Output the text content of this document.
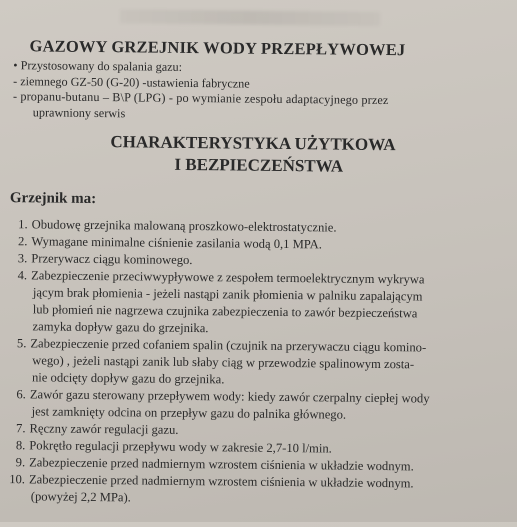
GAZOWY GRZEJNIK WODY PRZEPŁYWOWEJ
• Przystosowany do spalania gazu:
- ziemnego GZ-50 (G-20) -ustawienia fabryczne
- propanu-butanu – B\P (LPG) - po wymianie zespołu adaptacyjnego przez
uprawniony serwis
CHARAKTERYSTYKA UŻYTKOWA
I BEZPIECZEŃSTWA
Grzejnik ma:
1. Obudowę grzejnika malowaną proszkowo-elektrostatycznie.
2. Wymagane minimalne ciśnienie zasilania wodą 0,1 MPA.
3. Przerywacz ciągu kominowego.
4. Zabezpieczenie przeciwwypływowe z zespołem termoelektrycznym wykrywa
jącym brak płomienia - jeżeli nastąpi zanik płomienia w palniku zapalającym
lub płomień nie nagrzewa czujnika zabezpieczenia to zawór bezpieczeństwa
zamyka dopływ gazu do grzejnika.
5. Zabezpieczenie przed cofaniem spalin (czujnik na przerywaczu ciągu komino-
wego) , jeżeli nastąpi zanik lub słaby ciąg w przewodzie spalinowym zosta-
nie odcięty dopływ gazu do grzejnika.
6. Zawór gazu sterowany przepływem wody: kiedy zawór czerpalny ciepłej wody
jest zamknięty odcina on przepływ gazu do palnika głównego.
7. Ręczny zawór regulacji gazu.
8. Pokrętło regulacji przepływu wody w zakresie 2,7-10 l/min.
9. Zabezpieczenie przed nadmiernym wzrostem ciśnienia w układzie wodnym.
10. Zabezpieczenie przed nadmiernym wzrostem ciśnienia w układzie wodnym.
(powyżej 2,2 MPa).
